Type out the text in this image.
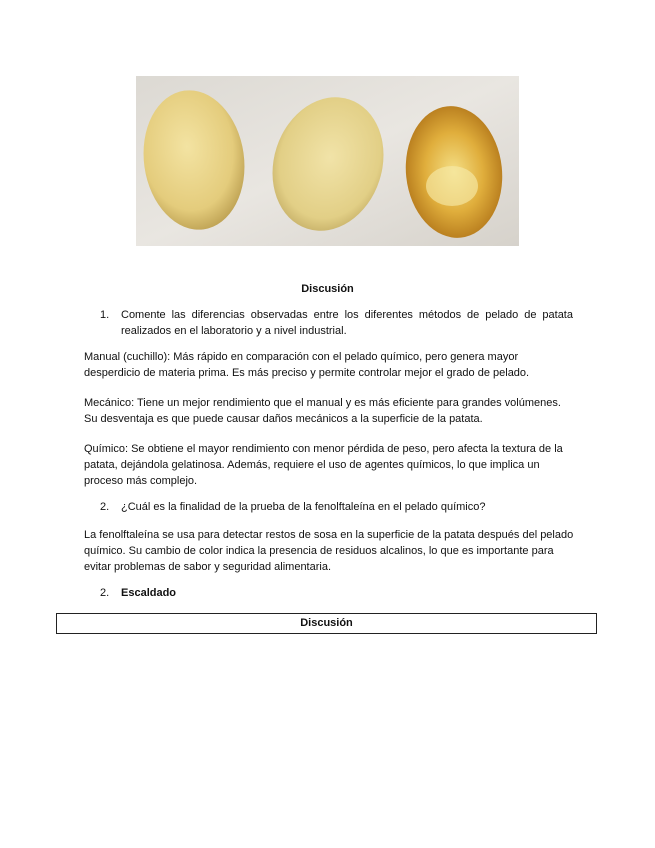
Discusión
1.	Comente las diferencias observadas entre los diferentes métodos de pelado de patata realizados en el laboratorio y a nivel industrial.
Manual (cuchillo): Más rápido en comparación con el pelado químico, pero genera mayor desperdicio de materia prima. Es más preciso y permite controlar mejor el grado de pelado.
Mecánico: Tiene un mejor rendimiento que el manual y es más eficiente para grandes volúmenes. Su desventaja es que puede causar daños mecánicos a la superficie de la patata.
Químico: Se obtiene el mayor rendimiento con menor pérdida de peso, pero afecta la textura de la patata, dejándola gelatinosa. Además, requiere el uso de agentes químicos, lo que implica un proceso más complejo.
2.	¿Cuál es la finalidad de la prueba de la fenolftaleína en el pelado químico?
La fenolftaleína se usa para detectar restos de sosa en la superficie de la patata después del pelado químico. Su cambio de color indica la presencia de residuos alcalinos, lo que es importante para evitar problemas de sabor y seguridad alimentaria.
2.	Escaldado
Discusión
